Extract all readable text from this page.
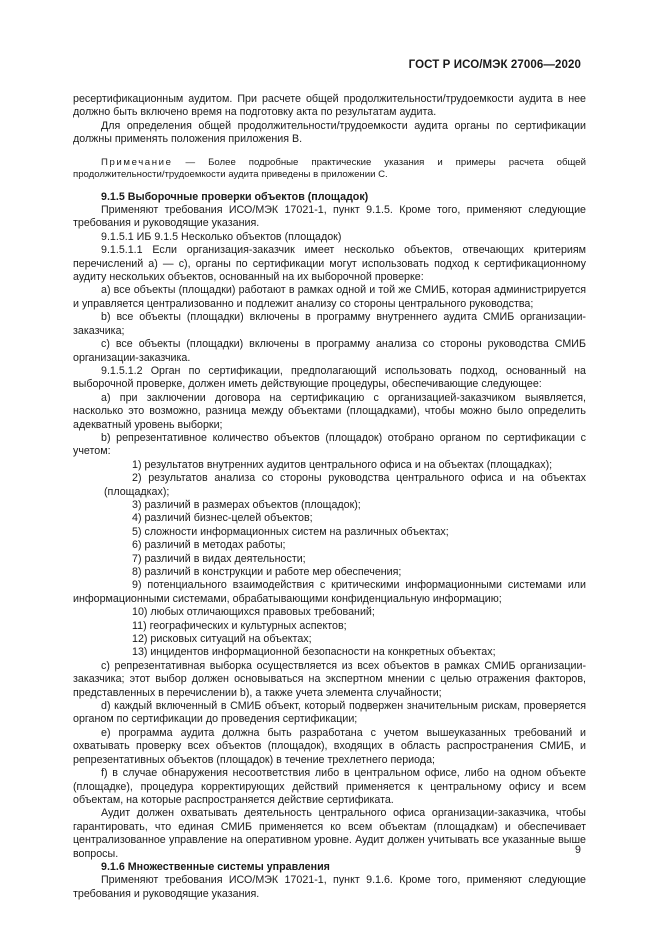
ГОСТ Р ИСО/МЭК 27006—2020

ресертификационным аудитом. При расчете общей продолжительности/трудоемкости аудита в нее должно быть включено время на подготовку акта по результатам аудита.

Для определения общей продолжительности/трудоемкости аудита органы по сертификации должны применять положения приложения B.

Примечание — Более подробные практические указания и примеры расчета общей продолжительности/трудоемкости аудита приведены в приложении C.

9.1.5 Выборочные проверки объектов (площадок)

Применяют требования ИСО/МЭК 17021-1, пункт 9.1.5. Кроме того, применяют следующие требования и руководящие указания.

9.1.5.1 ИБ 9.1.5 Несколько объектов (площадок)

9.1.5.1.1 Если организация-заказчик имеет несколько объектов, отвечающих критериям перечислений a) — c), органы по сертификации могут использовать подход к сертификационному аудиту нескольких объектов, основанный на их выборочной проверке:

a) все объекты (площадки) работают в рамках одной и той же СМИБ, которая администрируется и управляется централизованно и подлежит анализу со стороны центрального руководства;

b) все объекты (площадки) включены в программу внутреннего аудита СМИБ организации-заказчика;

c) все объекты (площадки) включены в программу анализа со стороны руководства СМИБ организации-заказчика.

9.1.5.1.2 Орган по сертификации, предполагающий использовать подход, основанный на выборочной проверке, должен иметь действующие процедуры, обеспечивающие следующее:

a) при заключении договора на сертификацию с организацией-заказчиком выявляется, насколько это возможно, разница между объектами (площадками), чтобы можно было определить адекватный уровень выборки;

b) репрезентативное количество объектов (площадок) отобрано органом по сертификации с учетом:

1) результатов внутренних аудитов центрального офиса и на объектах (площадках);

2) результатов анализа со стороны руководства центрального офиса и на объектах (площадках);

3) различий в размерах объектов (площадок);

4) различий бизнес-целей объектов;

5) сложности информационных систем на различных объектах;

6) различий в методах работы;

7) различий в видах деятельности;

8) различий в конструкции и работе мер обеспечения;

9) потенциального взаимодействия с критическими информационными системами или информационными системами, обрабатывающими конфиденциальную информацию;

10) любых отличающихся правовых требований;

11) географических и культурных аспектов;

12) рисковых ситуаций на объектах;

13) инцидентов информационной безопасности на конкретных объектах;

c) репрезентативная выборка осуществляется из всех объектов в рамках СМИБ организации-заказчика; этот выбор должен основываться на экспертном мнении с целью отражения факторов, представленных в перечислении b), а также учета элемента случайности;

d) каждый включенный в СМИБ объект, который подвержен значительным рискам, проверяется органом по сертификации до проведения сертификации;

e) программа аудита должна быть разработана с учетом вышеуказанных требований и охватывать проверку всех объектов (площадок), входящих в область распространения СМИБ, и репрезентативных объектов (площадок) в течение трехлетнего периода;

f) в случае обнаружения несоответствия либо в центральном офисе, либо на одном объекте (площадке), процедура корректирующих действий применяется к центральному офису и всем объектам, на которые распространяется действие сертификата.

Аудит должен охватывать деятельность центрального офиса организации-заказчика, чтобы гарантировать, что единая СМИБ применяется ко всем объектам (площадкам) и обеспечивает централизованное управление на оперативном уровне. Аудит должен учитывать все указанные выше вопросы.

9.1.6 Множественные системы управления

Применяют требования ИСО/МЭК 17021-1, пункт 9.1.6. Кроме того, применяют следующие требования и руководящие указания.

9
